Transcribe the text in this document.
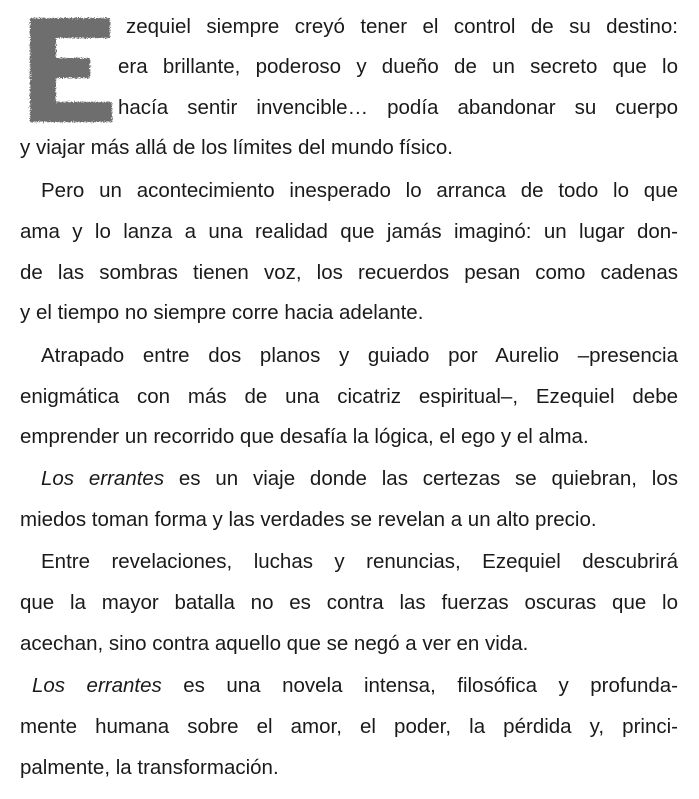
zequiel siempre creyó tener el control de su destino:
era brillante, poderoso y dueño de un secreto que lo
hacía sentir invencible… podía abandonar su cuerpo
y viajar más allá de los límites del mundo físico.
Pero un acontecimiento inesperado lo arranca de todo lo que
ama y lo lanza a una realidad que jamás imaginó: un lugar don-
de las sombras tienen voz, los recuerdos pesan como cadenas
y el tiempo no siempre corre hacia adelante.
Atrapado entre dos planos y guiado por Aurelio –presencia
enigmática con más de una cicatriz espiritual–, Ezequiel debe
emprender un recorrido que desafía la lógica, el ego y el alma.
Los errantes es un viaje donde las certezas se quiebran, los
miedos toman forma y las verdades se revelan a un alto precio.
Entre revelaciones, luchas y renuncias, Ezequiel descubrirá
que la mayor batalla no es contra las fuerzas oscuras que lo
acechan, sino contra aquello que se negó a ver en vida.
Los errantes es una novela intensa, filosófica y profunda-
mente humana sobre el amor, el poder, la pérdida y, princi-
palmente, la transformación.
